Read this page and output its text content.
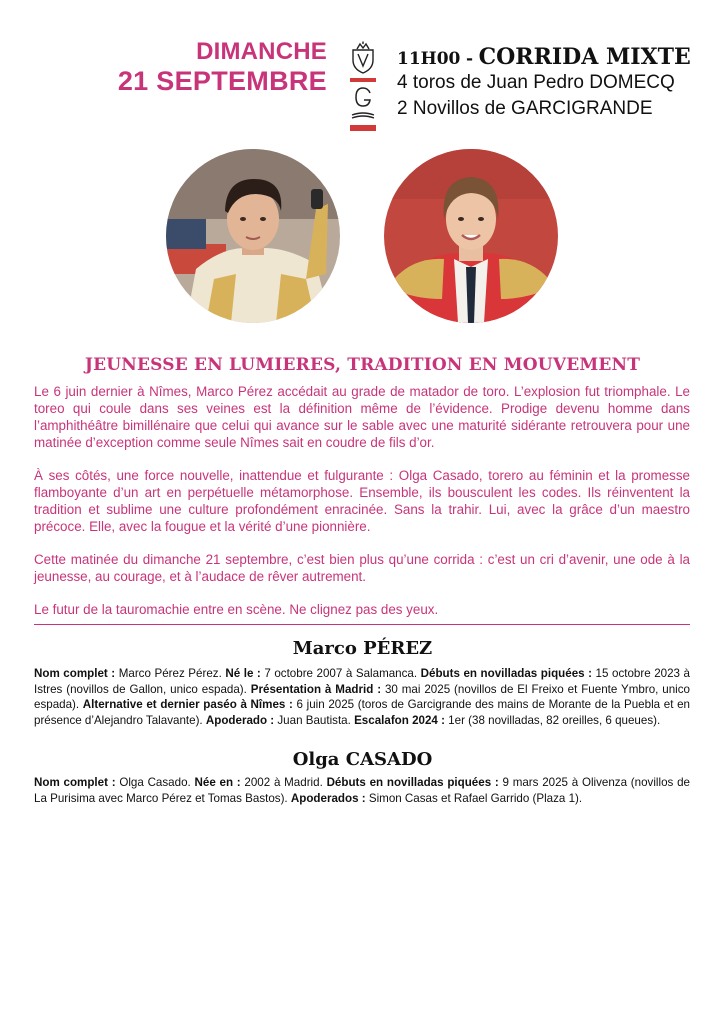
DIMANCHE
21 SEPTEMBRE
11H00 - CORRIDA MIXTE
4 toros de Juan Pedro DOMECQ
2 Novillos de GARCIGRANDE
JEUNESSE EN LUMIERES, TRADITION EN MOUVEMENT

Le 6 juin dernier à Nîmes, Marco Pérez accédait au grade de matador de toro. L’explosion fut triomphale. Le toreo qui coule dans ses veines est la définition même de l’évidence. Prodige devenu homme dans l’amphithéâtre bimillénaire que celui qui avance sur le sable avec une maturité sidérante retrouvera pour une matinée d’exception comme seule Nîmes sait en coudre de fils d’or.

À ses côtés, une force nouvelle, inattendue et fulgurante : Olga Casado, torero au féminin et la promesse flamboyante d’un art en perpétuelle métamorphose. Ensemble, ils bousculent les codes. Ils réinventent la tradition et sublime une culture profondément enracinée. Sans la trahir. Lui, avec la grâce d’un maestro précoce. Elle, avec la fougue et la vérité d’une pionnière.

Cette matinée du dimanche 21 septembre, c’est bien plus qu’une corrida : c’est un cri d’avenir, une ode à la jeunesse, au courage, et à l’audace de rêver autrement.

Le futur de la tauromachie entre en scène. Ne clignez pas des yeux.

Marco PÉREZ
Nom complet : Marco Pérez Pérez. Né le : 7 octobre 2007 à Salamanca. Débuts en novilladas piquées : 15 octobre 2023 à Istres (novillos de Gallon, unico espada). Présentation à Madrid : 30 mai 2025 (novillos de El Freixo et Fuente Ymbro, unico espada). Alternative et dernier paséo à Nîmes : 6 juin 2025 (toros de Garcigrande des mains de Morante de la Puebla et en présence d’Alejandro Talavante). Apoderado : Juan Bautista. Escalafon 2024 : 1er (38 novilladas, 82 oreilles, 6 queues).
Olga CASADO
Nom complet : Olga Casado. Née en : 2002 à Madrid. Débuts en novilladas piquées : 9 mars 2025 à Olivenza (novillos de La Purisima avec Marco Pérez et Tomas Bastos). Apoderados : Simon Casas et Rafael Garrido (Plaza 1).
